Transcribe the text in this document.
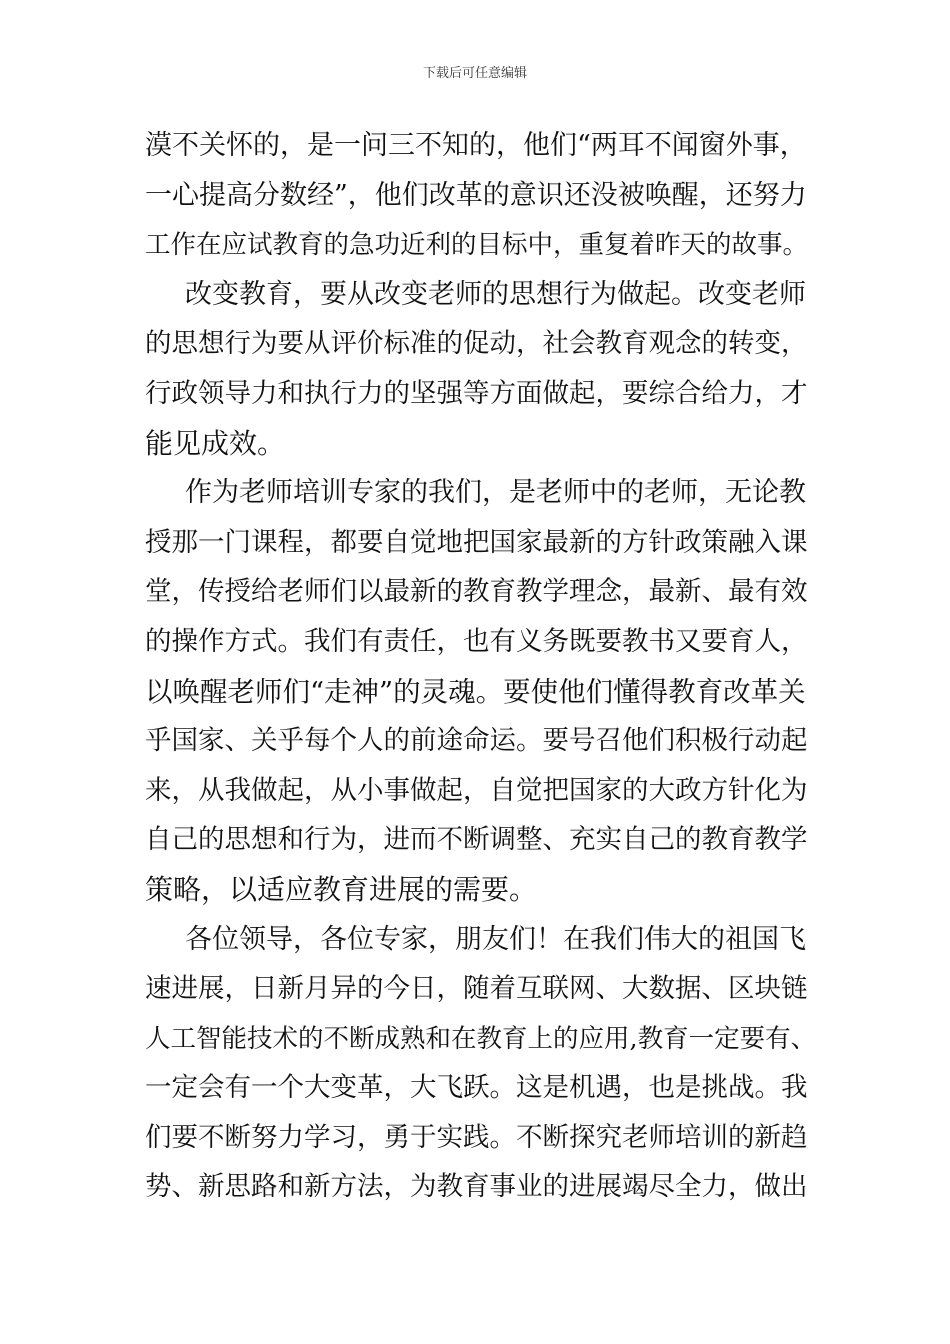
下载后可任意编辑
漠不关怀的，是一问三不知的，他们“两耳不闻窗外事，
一心提高分数经”，他们改革的意识还没被唤醒，还努力
工作在应试教育的急功近利的目标中，重复着昨天的故事。
改变教育，要从改变老师的思想行为做起。改变老师
的思想行为要从评价标准的促动，社会教育观念的转变，
行政领导力和执行力的坚强等方面做起，要综合给力，才
能见成效。
作为老师培训专家的我们，是老师中的老师，无论教
授那一门课程，都要自觉地把国家最新的方针政策融入课
堂，传授给老师们以最新的教育教学理念，最新、最有效
的操作方式。我们有责任，也有义务既要教书又要育人，
以唤醒老师们“走神”的灵魂。要使他们懂得教育改革关
乎国家、关乎每个人的前途命运。要号召他们积极行动起
来，从我做起，从小事做起，自觉把国家的大政方针化为
自己的思想和行为，进而不断调整、充实自己的教育教学
策略，以适应教育进展的需要。
各位领导，各位专家，朋友们！在我们伟大的祖国飞
速进展，日新月异的今日，随着互联网、大数据、区块链
人工智能技术的不断成熟和在教育上的应用,教育一定要有、
一定会有一个大变革，大飞跃。这是机遇，也是挑战。我
们要不断努力学习，勇于实践。不断探究老师培训的新趋
势、新思路和新方法，为教育事业的进展竭尽全力，做出
